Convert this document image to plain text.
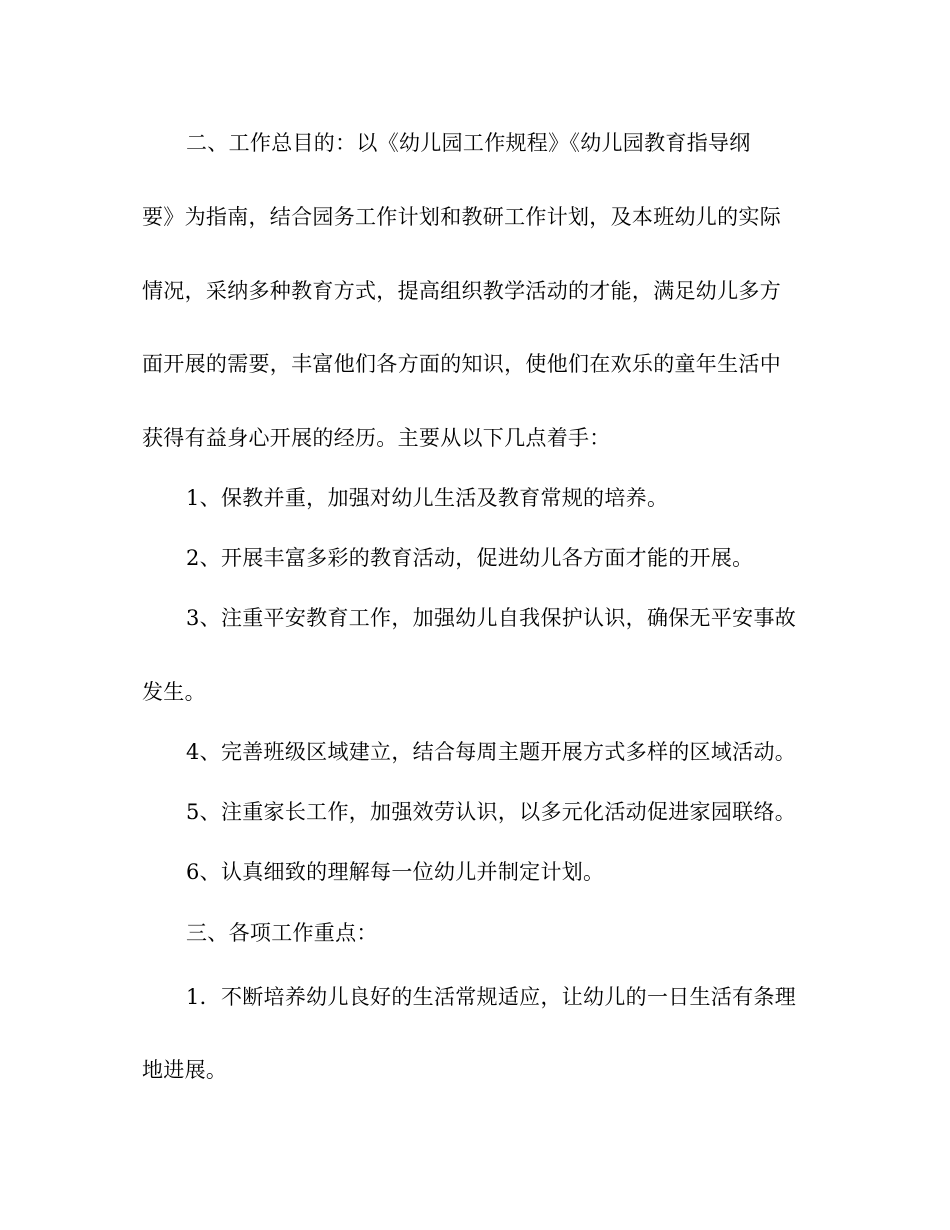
二、工作总目的：以《幼儿园工作规程》《幼儿园教育指导纲
要》为指南，结合园务工作计划和教研工作计划，及本班幼儿的实际
情况，采纳多种教育方式，提高组织教学活动的才能，满足幼儿多方
面开展的需要，丰富他们各方面的知识，使他们在欢乐的童年生活中
获得有益身心开展的经历。主要从以下几点着手：
1、保教并重，加强对幼儿生活及教育常规的培养。
2、开展丰富多彩的教育活动，促进幼儿各方面才能的开展。
3、注重平安教育工作，加强幼儿自我保护认识，确保无平安事故
发生。
4、完善班级区域建立，结合每周主题开展方式多样的区域活动。
5、注重家长工作，加强效劳认识，以多元化活动促进家园联络。
6、认真细致的理解每一位幼儿并制定计划。
三、各项工作重点：
1．不断培养幼儿良好的生活常规适应，让幼儿的一日生活有条理
地进展。
